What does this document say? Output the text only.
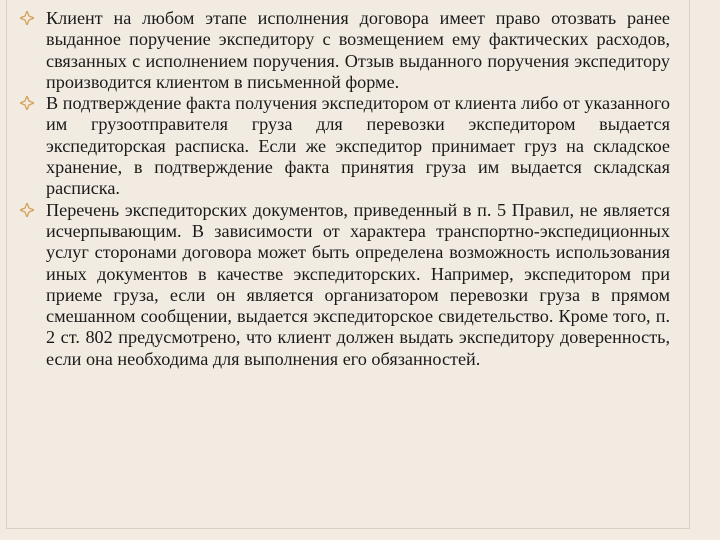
Клиент на любом этапе исполнения договора имеет право отозвать ранее выданное поручение экспедитору с возмещением ему фактических расходов, связанных с исполнением поручения. Отзыв выданного поручения экспедитору производится клиентом в письменной форме.
В подтверждение факта получения экспедитором от клиента либо от указанного им грузоотправителя груза для перевозки экспедитором выдается экспедиторская расписка. Если же экспедитор принимает груз на складское хранение, в подтверждение факта принятия груза им выдается складская расписка.
Перечень экспедиторских документов, приведенный в п. 5 Правил, не является исчерпывающим. В зависимости от характера транспортно-экспедиционных услуг сторонами договора может быть определена возможность использования иных документов в качестве экспедиторских. Например, экспедитором при приеме груза, если он является организатором перевозки груза в прямом смешанном сообщении, выдается экспедиторское свидетельство. Кроме того, п. 2 ст. 802 предусмотрено, что клиент должен выдать экспедитору доверенность, если она необходима для выполнения его обязанностей.
